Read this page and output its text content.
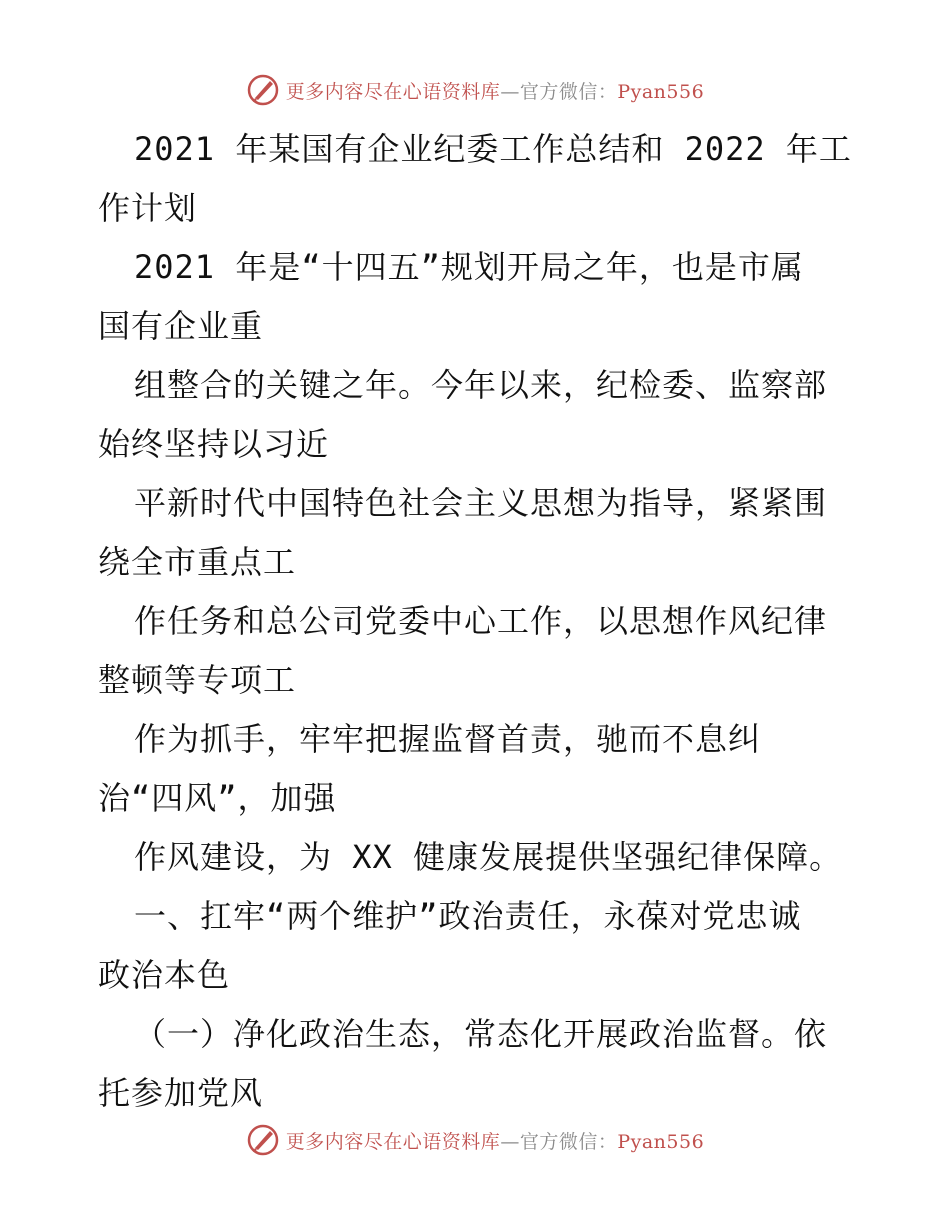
更多内容尽在心语资料库—官方微信：Pyan556
2021 年某国有企业纪委工作总结和 2022 年工
作计划
2021 年是“十四五”规划开局之年，也是市属
国有企业重
组整合的关键之年。今年以来，纪检委、监察部
始终坚持以习近
平新时代中国特色社会主义思想为指导，紧紧围
绕全市重点工
作任务和总公司党委中心工作，以思想作风纪律
整顿等专项工
作为抓手，牢牢把握监督首责，驰而不息纠
治“四风”，加强
作风建设，为 XX 健康发展提供坚强纪律保障。
一、扛牢“两个维护”政治责任，永葆对党忠诚
政治本色
（一）净化政治生态，常态化开展政治监督。依
托参加党风
更多内容尽在心语资料库—官方微信：Pyan556
